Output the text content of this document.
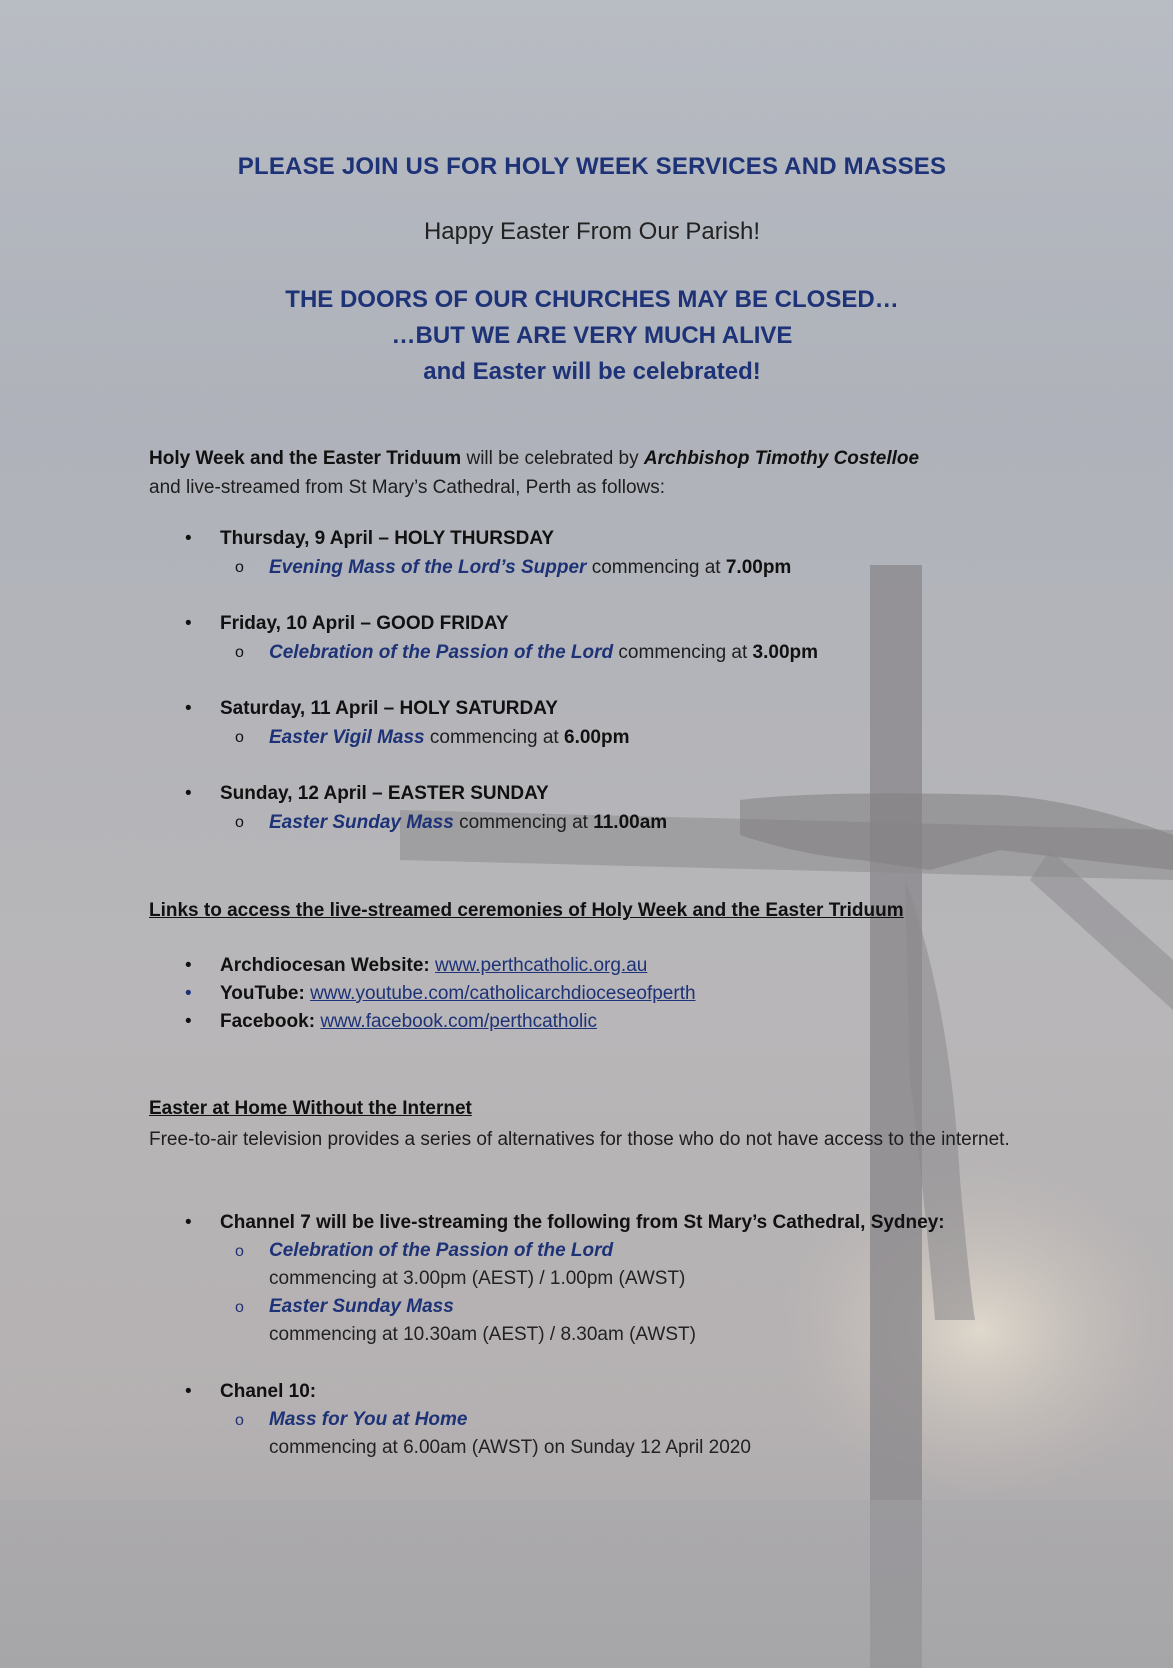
PLEASE JOIN US FOR HOLY WEEK SERVICES AND MASSES
Happy Easter From Our Parish!
THE DOORS OF OUR CHURCHES MAY BE CLOSED…
…BUT WE ARE VERY MUCH ALIVE
and Easter will be celebrated!
Holy Week and the Easter Triduum will be celebrated by Archbishop Timothy Costelloe
and live-streamed from St Mary’s Cathedral, Perth as follows:
• Thursday, 9 April – HOLY THURSDAY
o Evening Mass of the Lord’s Supper commencing at 7.00pm
• Friday, 10 April – GOOD FRIDAY
o Celebration of the Passion of the Lord commencing at 3.00pm
• Saturday, 11 April – HOLY SATURDAY
o Easter Vigil Mass commencing at 6.00pm
• Sunday, 12 April – EASTER SUNDAY
o Easter Sunday Mass commencing at 11.00am
Links to access the live-streamed ceremonies of Holy Week and the Easter Triduum
• Archdiocesan Website: www.perthcatholic.org.au
• YouTube: www.youtube.com/catholicarchdioceseofperth
• Facebook: www.facebook.com/perthcatholic
Easter at Home Without the Internet
Free-to-air television provides a series of alternatives for those who do not have access to the internet.
• Channel 7 will be live-streaming the following from St Mary’s Cathedral, Sydney:
o Celebration of the Passion of the Lord
commencing at 3.00pm (AEST) / 1.00pm (AWST)
o Easter Sunday Mass
commencing at 10.30am (AEST) / 8.30am (AWST)
• Chanel 10:
o Mass for You at Home
commencing at 6.00am (AWST) on Sunday 12 April 2020
